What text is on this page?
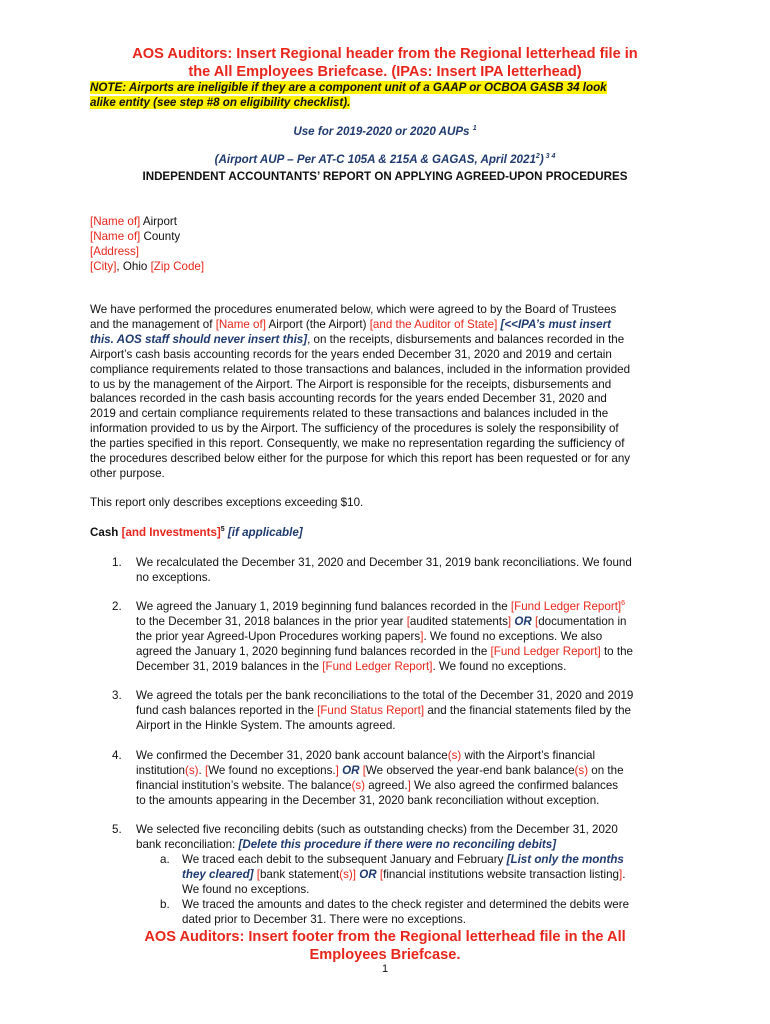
AOS Auditors: Insert Regional header from the Regional letterhead file in
the All Employees Briefcase. (IPAs: Insert IPA letterhead)
NOTE: Airports are ineligible if they are a component unit of a GAAP or OCBOA GASB 34 look
alike entity (see step #8 on eligibility checklist).
Use for 2019-2020 or 2020 AUPs $^1$
(Airport AUP – Per AT-C 105A & 215A & GAGAS, April 2021$^2$) $^{3 4}$
INDEPENDENT ACCOUNTANTS’ REPORT ON APPLYING AGREED-UPON PROCEDURES
[Name of] Airport
[Name of] County
[Address]
[City], Ohio [Zip Code]
We have performed the procedures enumerated below, which were agreed to by the Board of Trustees
and the management of [Name of] Airport (the Airport) [and the Auditor of State] [<<IPA’s must insert
this. AOS staff should never insert this], on the receipts, disbursements and balances recorded in the
Airport’s cash basis accounting records for the years ended December 31, 2020 and 2019 and certain
compliance requirements related to those transactions and balances, included in the information provided
to us by the management of the Airport. The Airport is responsible for the receipts, disbursements and
balances recorded in the cash basis accounting records for the years ended December 31, 2020 and
2019 and certain compliance requirements related to these transactions and balances included in the
information provided to us by the Airport. The sufficiency of the procedures is solely the responsibility of
the parties specified in this report. Consequently, we make no representation regarding the sufficiency of
the procedures described below either for the purpose for which this report has been requested or for any
other purpose.
This report only describes exceptions exceeding $10.
Cash [and Investments]$^5$ [if applicable]
1. We recalculated the December 31, 2020 and December 31, 2019 bank reconciliations. We found
no exceptions.
2. We agreed the January 1, 2019 beginning fund balances recorded in the [Fund Ledger Report]$^6$
to the December 31, 2018 balances in the prior year [audited statements] OR [documentation in
the prior year Agreed-Upon Procedures working papers]. We found no exceptions. We also
agreed the January 1, 2020 beginning fund balances recorded in the [Fund Ledger Report] to the
December 31, 2019 balances in the [Fund Ledger Report]. We found no exceptions.
3. We agreed the totals per the bank reconciliations to the total of the December 31, 2020 and 2019
fund cash balances reported in the [Fund Status Report] and the financial statements filed by the
Airport in the Hinkle System. The amounts agreed.
4. We confirmed the December 31, 2020 bank account balance(s) with the Airport’s financial
institution(s). [We found no exceptions.] OR [We observed the year-end bank balance(s) on the
financial institution’s website. The balance(s) agreed.] We also agreed the confirmed balances
to the amounts appearing in the December 31, 2020 bank reconciliation without exception.
5. We selected five reconciling debits (such as outstanding checks) from the December 31, 2020
bank reconciliation: [Delete this procedure if there were no reconciling debits]
a. We traced each debit to the subsequent January and February [List only the months
they cleared] [bank statement(s)] OR [financial institutions website transaction listing].
We found no exceptions.
b. We traced the amounts and dates to the check register and determined the debits were
dated prior to December 31. There were no exceptions.
AOS Auditors: Insert footer from the Regional letterhead file in the All
Employees Briefcase.
1
